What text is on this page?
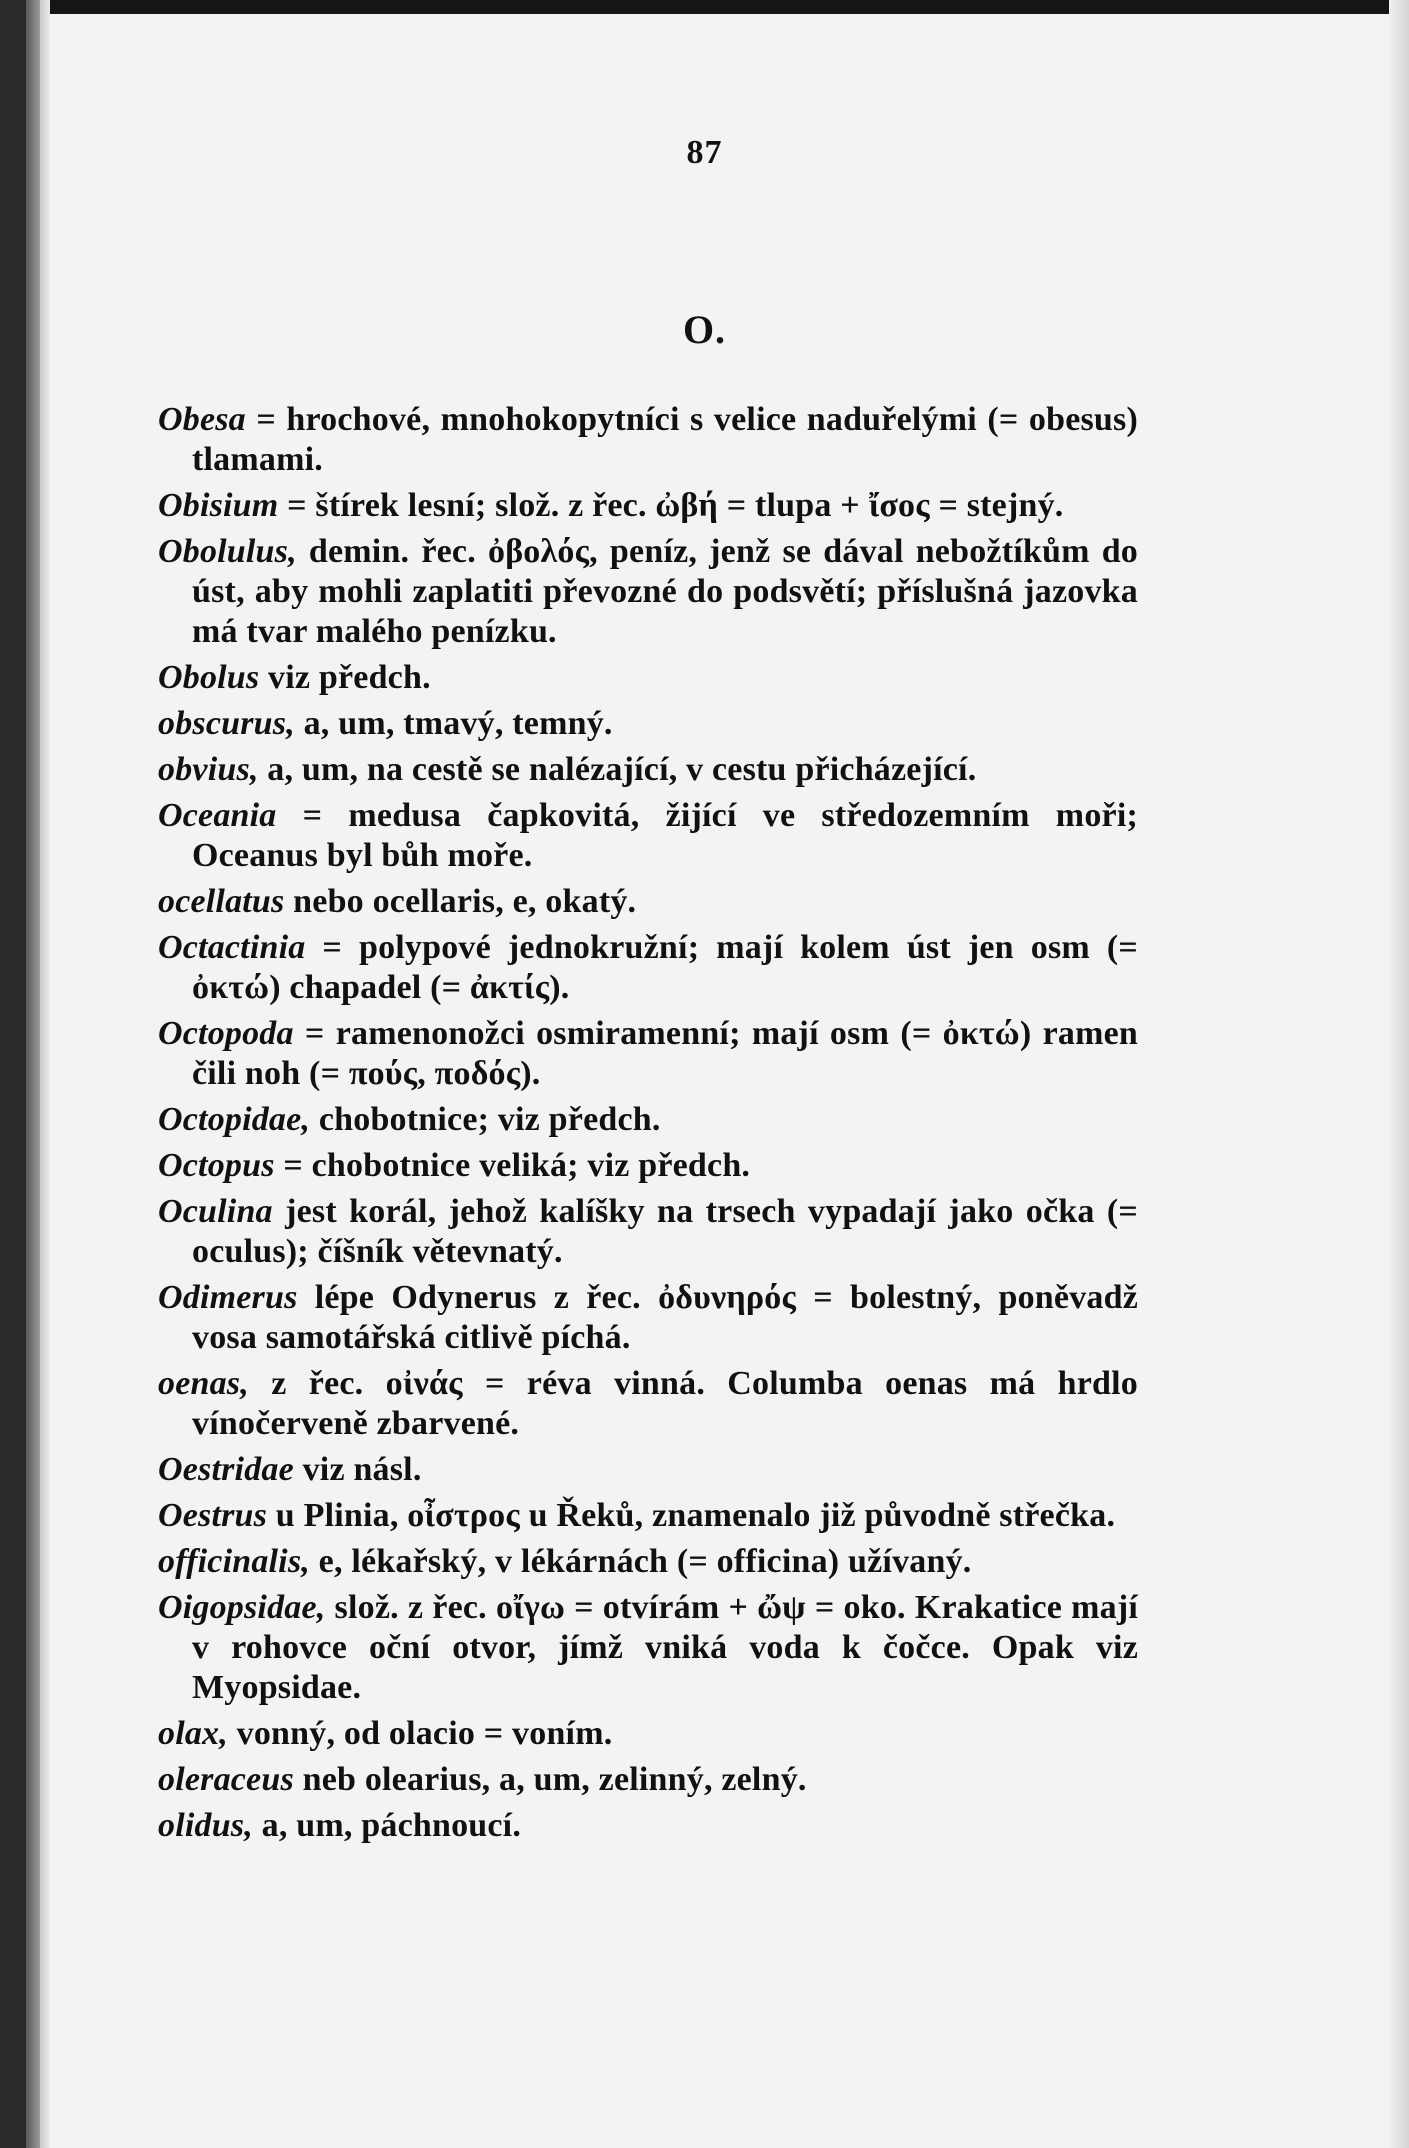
87
O.

Obesa = hrochové, mnohokopytníci s velice naduřelými (= obesus) tlamami.

Obisium = štírek lesní; slož. z řec. ὠβή = tlupa + ἴσος = stejný.

Obolulus, demin. řec. ὀβολός, peníz, jenž se dával nebožtíkům do úst, aby mohli zaplatiti převozné do podsvětí; příslušná jazovka má tvar malého penízku.

Obolus viz předch.

obscurus, a, um, tmavý, temný.

obvius, a, um, na cestě se nalézající, v cestu přicházející.

Oceania = medusa čapkovitá, žijící ve středozemním moři; Oceanus byl bůh moře.

ocellatus nebo ocellaris, e, okatý.

Octactinia = polypové jednokružní; mají kolem úst jen osm (= ὀκτώ) chapadel (= ἀκτίς).

Octopoda = ramenonožci osmiramenní; mají osm (= ὀκτώ) ramen čili noh (= πούς, ποδός).

Octopidae, chobotnice; viz předch.

Octopus = chobotnice veliká; viz předch.

Oculina jest korál, jehož kalíšky na trsech vypadají jako očka (= oculus); číšník větevnatý.

Odimerus lépe Odynerus z řec. ὀδυνηρός = bolestný, poněvadž vosa samotářská citlivě píchá.

oenas, z řec. οἰνάς = réva vinná. Columba oenas má hrdlo vínočerveně zbarvené.

Oestridae viz násl.

Oestrus u Plinia, οἶστρος u Řeků, znamenalo již původně střečka.

officinalis, e, lékařský, v lékárnách (= officina) užívaný.

Oigopsidae, slož. z řec. οἴγω = otvírám + ὤψ = oko. Krakatice mají v rohovce oční otvor, jímž vniká voda k čočce. Opak viz Myopsidae.

olax, vonný, od olacio = voním.

oleraceus neb olearius, a, um, zelinný, zelný.

olidus, a, um, páchnoucí.
